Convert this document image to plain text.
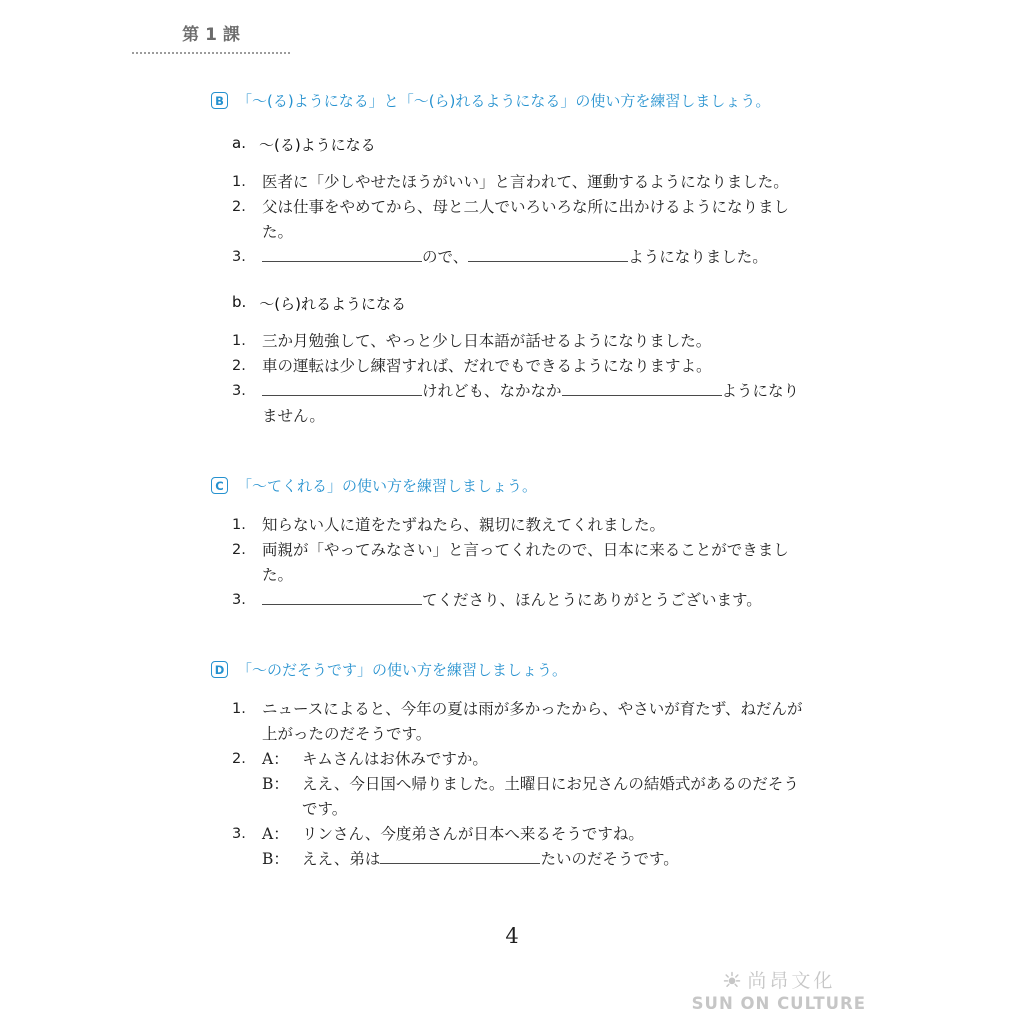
第1課
B 「〜(る)ようになる」と「〜(ら)れるようになる」の使い方を練習しましょう。
a. 〜(る)ようになる
1.	医者に「少しやせたほうがいい」と言われて、運動するようになりました。
2.	父は仕事をやめてから、母と二人でいろいろな所に出かけるようになりました。
3.	ので、	ようになりました。
b. 〜(ら)れるようになる
1.	三か月勉強して、やっと少し日本語が話せるようになりました。
2.	車の運転は少し練習すれば、だれでもできるようになりますよ。
3.	けれども、なかなか	ようになりません。
C 「〜てくれる」の使い方を練習しましょう。
1.	知らない人に道をたずねたら、親切に教えてくれました。
2.	両親が「やってみなさい」と言ってくれたので、日本に来ることができました。
3.	てくださり、ほんとうにありがとうございます。
D 「〜のだそうです」の使い方を練習しましょう。
1.	ニュースによると、今年の夏は雨が多かったから、やさいが育たず、ねだんが上がったのだそうです。
2.	A： キムさんはお休みですか。
B： ええ、今日国へ帰りました。土曜日にお兄さんの結婚式があるのだそうです。
3.	A： リンさん、今度弟さんが日本へ来るそうですね。
B： ええ、弟は	たいのだそうです。
4
尚昂文化
SUN ON CULTURE
